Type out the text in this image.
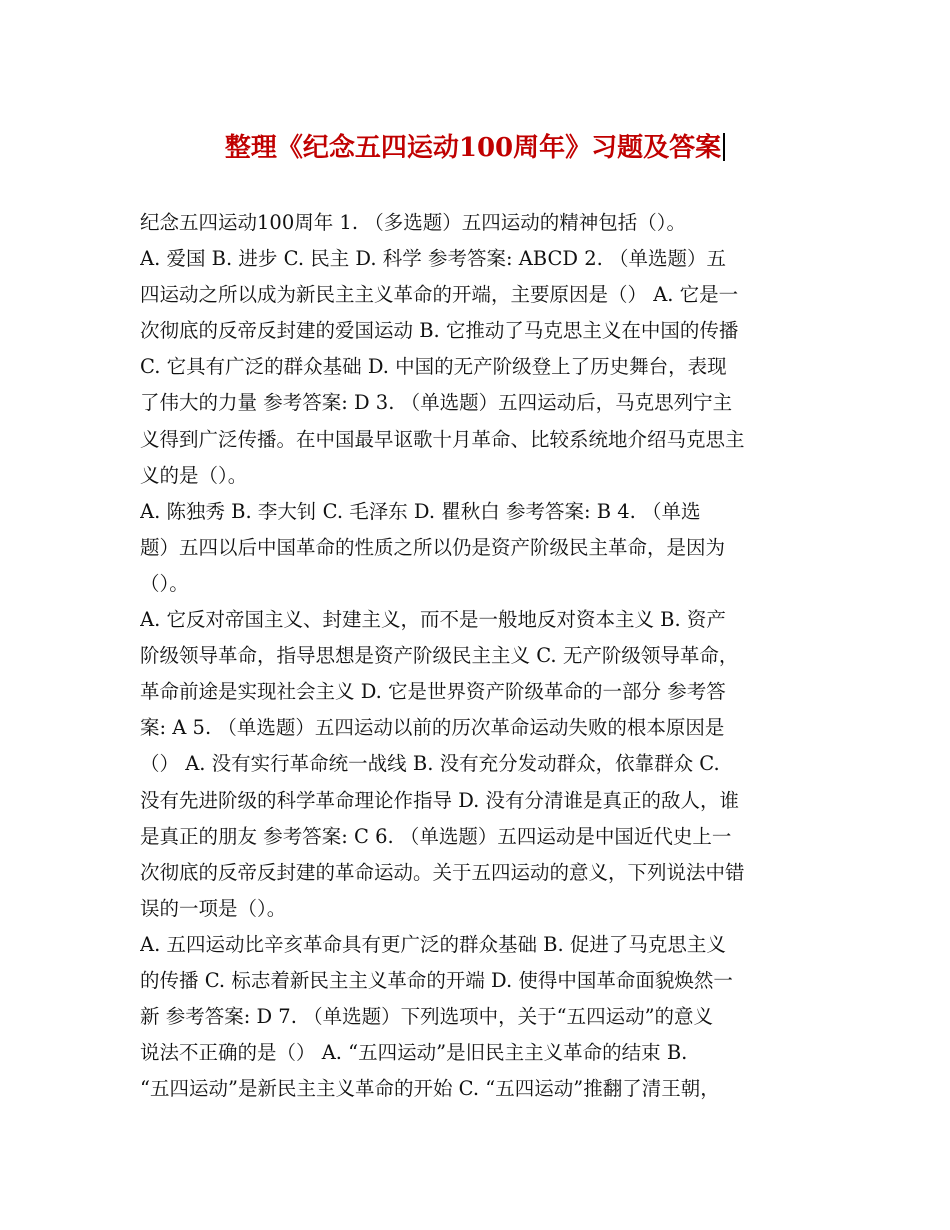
整理《纪念五四运动100周年》习题及答案
纪念五四运动100周年 1. （多选题）五四运动的精神包括（）。
A. 爱国 B. 进步 C. 民主 D. 科学 参考答案: ABCD 2. （单选题）五
四运动之所以成为新民主主义革命的开端，主要原因是（） A. 它是一
次彻底的反帝反封建的爱国运动 B. 它推动了马克思主义在中国的传播
C. 它具有广泛的群众基础 D. 中国的无产阶级登上了历史舞台，表现
了伟大的力量 参考答案: D 3. （单选题）五四运动后，马克思列宁主
义得到广泛传播。在中国最早讴歌十月革命、比较系统地介绍马克思主
义的是（）。
A. 陈独秀 B. 李大钊 C. 毛泽东 D. 瞿秋白 参考答案: B 4. （单选
题）五四以后中国革命的性质之所以仍是资产阶级民主革命，是因为
（）。
A. 它反对帝国主义、封建主义，而不是一般地反对资本主义 B. 资产
阶级领导革命，指导思想是资产阶级民主主义 C. 无产阶级领导革命，
革命前途是实现社会主义 D. 它是世界资产阶级革命的一部分 参考答
案: A 5. （单选题）五四运动以前的历次革命运动失败的根本原因是
（） A. 没有实行革命统一战线 B. 没有充分发动群众，依靠群众 C.
没有先进阶级的科学革命理论作指导 D. 没有分清谁是真正的敌人，谁
是真正的朋友 参考答案: C 6. （单选题）五四运动是中国近代史上一
次彻底的反帝反封建的革命运动。关于五四运动的意义，下列说法中错
误的一项是（）。
A. 五四运动比辛亥革命具有更广泛的群众基础 B. 促进了马克思主义
的传播 C. 标志着新民主主义革命的开端 D. 使得中国革命面貌焕然一
新 参考答案: D 7. （单选题）下列选项中，关于“五四运动”的意义
说法不正确的是（） A. “五四运动”是旧民主主义革命的结束 B.
“五四运动”是新民主主义革命的开始 C. “五四运动”推翻了清王朝，
